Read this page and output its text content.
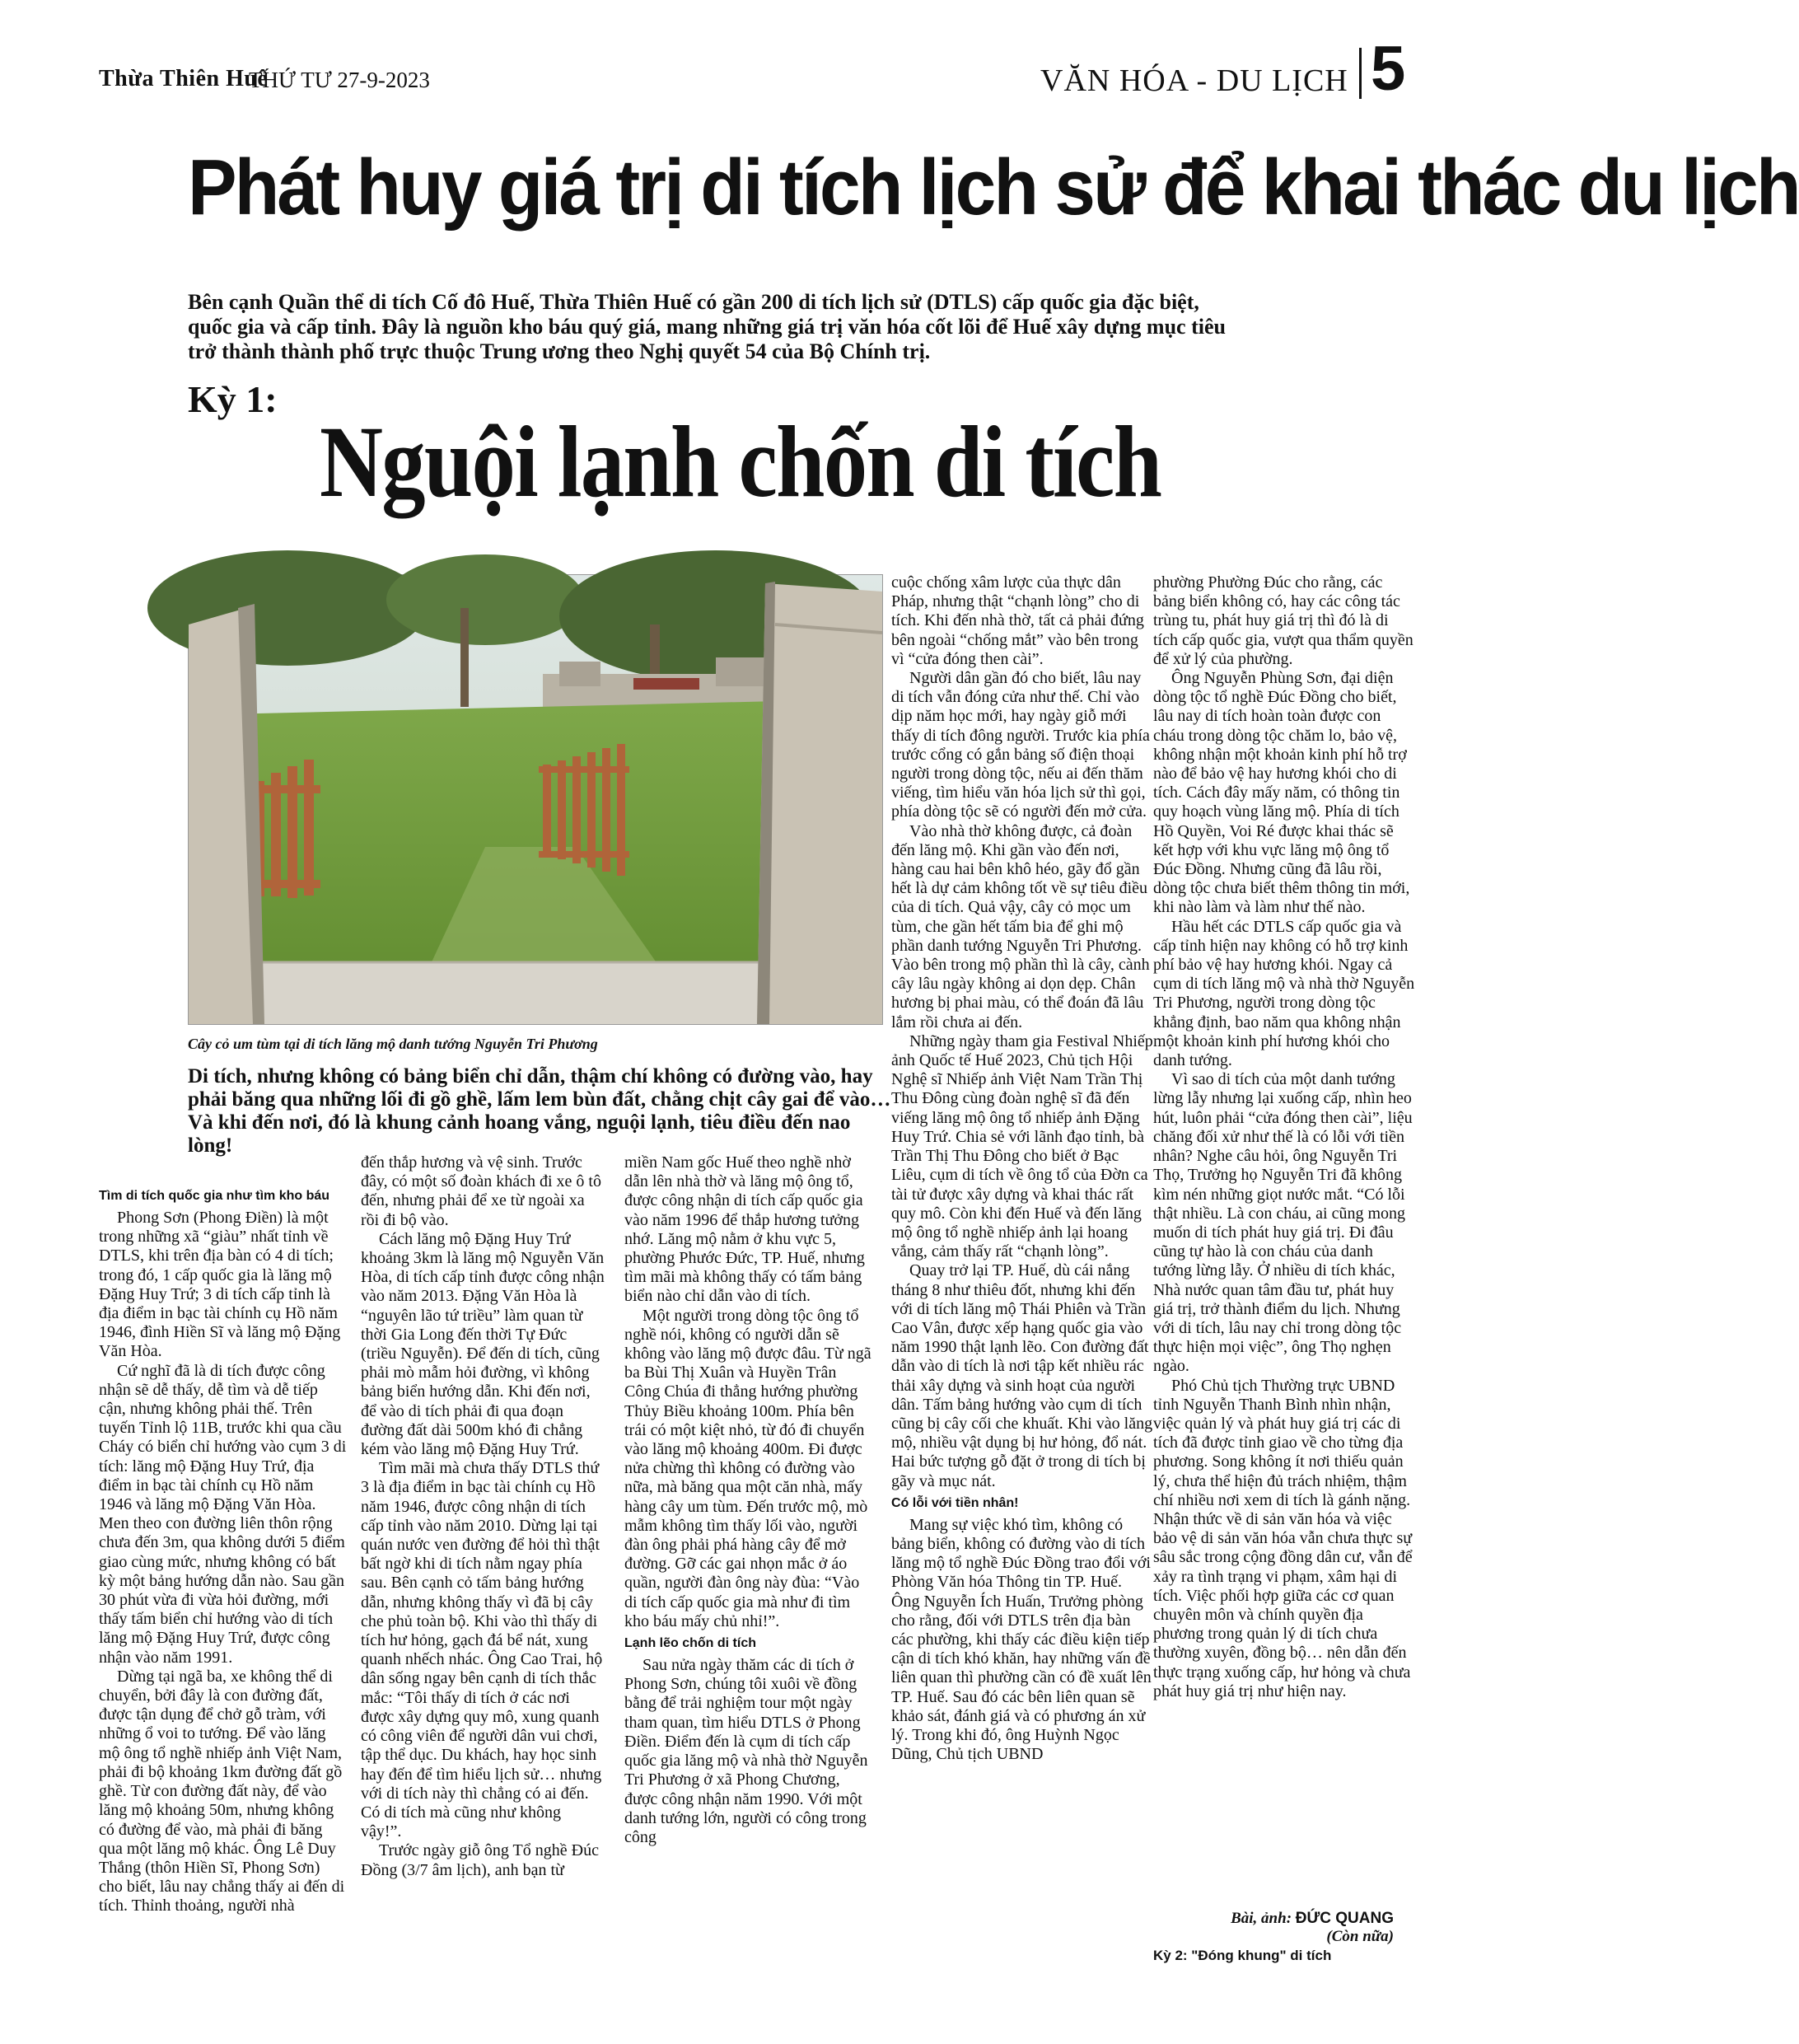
Thừa Thiên Huế
THỨ TƯ 27-9-2023	VĂN HÓA - DU LỊCH 5
Phát huy giá trị di tích lịch sử để khai thác du lịch
Bên cạnh Quần thể di tích Cố đô Huế, Thừa Thiên Huế có gần 200 di tích lịch sử (DTLS) cấp quốc gia đặc biệt, quốc gia và cấp tỉnh. Đây là nguồn kho báu quý giá, mang những giá trị văn hóa cốt lõi để Huế xây dựng mục tiêu trở thành thành phố trực thuộc Trung ương theo Nghị quyết 54 của Bộ Chính trị.
Kỳ 1:
Nguội lạnh chốn di tích
Cây cỏ um tùm tại di tích lăng mộ danh tướng Nguyễn Tri Phương
Di tích, nhưng không có bảng biển chỉ dẫn, thậm chí không có đường vào, hay phải băng qua những lối đi gồ ghề, lấm lem bùn đất, chằng chịt cây gai để vào… Và khi đến nơi, đó là khung cảnh hoang vắng, nguội lạnh, tiêu điều đến nao lòng!
Tìm di tích quốc gia như tìm kho báu

Phong Sơn (Phong Điền) là một trong những xã “giàu” nhất tỉnh về DTLS, khi trên địa bàn có 4 di tích; trong đó, 1 cấp quốc gia là lăng mộ Đặng Huy Trứ; 3 di tích cấp tỉnh là địa điểm in bạc tài chính cụ Hồ năm 1946, đình Hiền Sĩ và lăng mộ Đặng Văn Hòa.

Cứ nghĩ đã là di tích được công nhận sẽ dễ thấy, dễ tìm và dễ tiếp cận, nhưng không phải thế. Trên tuyến Tỉnh lộ 11B, trước khi qua cầu Cháy có biển chỉ hướng vào cụm 3 di tích: lăng mộ Đặng Huy Trứ, địa điểm in bạc tài chính cụ Hồ năm 1946 và lăng mộ Đặng Văn Hòa. Men theo con đường liên thôn rộng chưa đến 3m, qua không dưới 5 điểm giao cùng mức, nhưng không có bất kỳ một bảng hướng dẫn nào. Sau gần 30 phút vừa đi vừa hỏi đường, mới thấy tấm biển chỉ hướng vào di tích lăng mộ Đặng Huy Trứ, được công nhận vào năm 1991.

Dừng tại ngã ba, xe không thể di chuyển, bởi đây là con đường đất, được tận dụng để chở gỗ tràm, với những ổ voi to tướng. Để vào lăng mộ ông tổ nghề nhiếp ảnh Việt Nam, phải đi bộ khoảng 1km đường đất gồ ghề. Từ con đường đất này, để vào lăng mộ khoảng 50m, nhưng không có đường để vào, mà phải đi băng qua một lăng mộ khác. Ông Lê Duy Thắng (thôn Hiền Sĩ, Phong Sơn) cho biết, lâu nay chẳng thấy ai đến di tích. Thỉnh thoảng, người nhà

đến thắp hương và vệ sinh. Trước đây, có một số đoàn khách đi xe ô tô đến, nhưng phải để xe từ ngoài xa rồi đi bộ vào.

Cách lăng mộ Đặng Huy Trứ khoảng 3km là lăng mộ Nguyễn Văn Hòa, di tích cấp tỉnh được công nhận vào năm 2013. Đặng Văn Hòa là “nguyên lão tứ triều” làm quan từ thời Gia Long đến thời Tự Đức (triều Nguyễn). Để đến di tích, cũng phải mò mẫm hỏi đường, vì không bảng biển hướng dẫn. Khi đến nơi, để vào di tích phải đi qua đoạn đường đất dài 500m khó đi chẳng kém vào lăng mộ Đặng Huy Trứ.

Tìm mãi mà chưa thấy DTLS thứ 3 là địa điểm in bạc tài chính cụ Hồ năm 1946, được công nhận di tích cấp tỉnh vào năm 2010. Dừng lại tại quán nước ven đường để hỏi thì thật bất ngờ khi di tích nằm ngay phía sau. Bên cạnh cỏ tấm bảng hướng dẫn, nhưng không thấy vì đã bị cây che phủ toàn bộ. Khi vào thì thấy di tích hư hỏng, gạch đá bể nát, xung quanh nhếch nhác. Ông Cao Trai, hộ dân sống ngay bên cạnh di tích thắc mắc: “Tôi thấy di tích ở các nơi được xây dựng quy mô, xung quanh có công viên để người dân vui chơi, tập thể dục. Du khách, hay học sinh hay đến để tìm hiểu lịch sử… nhưng với di tích này thì chẳng có ai đến. Có di tích mà cũng như không vậy!”.

Trước ngày giỗ ông Tổ nghề Đúc Đồng (3/7 âm lịch), anh bạn từ

miền Nam gốc Huế theo nghề nhờ dẫn lên nhà thờ và lăng mộ ông tổ, được công nhận di tích cấp quốc gia vào năm 1996 để thắp hương tưởng nhớ. Lăng mộ nằm ở khu vực 5, phường Phước Đức, TP. Huế, nhưng tìm mãi mà không thấy có tấm bảng biển nào chỉ dẫn vào di tích.

Một người trong dòng tộc ông tổ nghề nói, không có người dẫn sẽ không vào lăng mộ được đâu. Từ ngã ba Bùi Thị Xuân và Huyền Trân Công Chúa đi thẳng hướng phường Thủy Biều khoảng 100m. Phía bên trái có một kiệt nhỏ, từ đó đi chuyển vào lăng mộ khoảng 400m. Đi được nửa chừng thì không có đường vào nữa, mà băng qua một căn nhà, mấy hàng cây um tùm. Đến trước mộ, mò mẫm không tìm thấy lối vào, người đàn ông phải phá hàng cây để mở đường. Gỡ các gai nhọn mắc ở áo quần, người đàn ông này đùa: “Vào di tích cấp quốc gia mà như đi tìm kho báu mấy chủ nhỉ!”.

Lạnh lẽo chốn di tích

Sau nửa ngày thăm các di tích ở Phong Sơn, chúng tôi xuôi về đồng bằng để trải nghiệm tour một ngày tham quan, tìm hiểu DTLS ở Phong Điền. Điểm đến là cụm di tích cấp quốc gia lăng mộ và nhà thờ Nguyễn Tri Phương ở xã Phong Chương, được công nhận năm 1990. Với một danh tướng lớn, người có công trong công

cuộc chống xâm lược của thực dân Pháp, nhưng thật “chạnh lòng” cho di tích. Khi đến nhà thờ, tất cả phải đứng bên ngoài “chống mắt” vào bên trong vì “cửa đóng then cài”.

Người dân gần đó cho biết, lâu nay di tích vẫn đóng cửa như thế. Chỉ vào dịp năm học mới, hay ngày giỗ mới thấy di tích đông người. Trước kia phía trước cổng có gắn bảng số điện thoại người trong dòng tộc, nếu ai đến thăm viếng, tìm hiểu văn hóa lịch sử thì gọi, phía dòng tộc sẽ có người đến mở cửa.

Vào nhà thờ không được, cả đoàn đến lăng mộ. Khi gần vào đến nơi, hàng cau hai bên khô héo, gãy đổ gần hết là dự cảm không tốt về sự tiêu điều của di tích. Quả vậy, cây cỏ mọc um tùm, che gần hết tấm bia để ghi mộ phần danh tướng Nguyễn Tri Phương. Vào bên trong mộ phần thì là cây, cành cây lâu ngày không ai dọn dẹp. Chân hương bị phai màu, có thể đoán đã lâu lắm rồi chưa ai đến.

Những ngày tham gia Festival Nhiếp ảnh Quốc tế Huế 2023, Chủ tịch Hội Nghệ sĩ Nhiếp ảnh Việt Nam Trần Thị Thu Đông cùng đoàn nghệ sĩ đã đến viếng lăng mộ ông tổ nhiếp ảnh Đặng Huy Trứ. Chia sẻ với lãnh đạo tỉnh, bà Trần Thị Thu Đông cho biết ở Bạc Liêu, cụm di tích về ông tổ của Đờn ca tài tử được xây dựng và khai thác rất quy mô. Còn khi đến Huế và đến lăng mộ ông tổ nghề nhiếp ảnh lại hoang vắng, cảm thấy rất “chạnh lòng”.

Quay trở lại TP. Huế, dù cái nắng tháng 8 như thiêu đốt, nhưng khi đến với di tích lăng mộ Thái Phiên và Trần Cao Vân, được xếp hạng quốc gia vào năm 1990 thật lạnh lẽo. Con đường đất dẫn vào di tích là nơi tập kết nhiều rác thải xây dựng và sinh hoạt của người dân. Tấm bảng hướng vào cụm di tích cũng bị cây cối che khuất. Khi vào lăng mộ, nhiều vật dụng bị hư hỏng, đổ nát. Hai bức tượng gỗ đặt ở trong di tích bị gãy và mục nát.

Có lỗi với tiền nhân!

Mang sự việc khó tìm, không có bảng biển, không có đường vào di tích lăng mộ tổ nghề Đúc Đồng trao đổi với Phòng Văn hóa Thông tin TP. Huế. Ông Nguyễn Ích Huấn, Trưởng phòng cho rằng, đối với DTLS trên địa bàn các phường, khi thấy các điều kiện tiếp cận di tích khó khăn, hay những vấn đề liên quan thì phường cần có đề xuất lên TP. Huế. Sau đó các bên liên quan sẽ khảo sát, đánh giá và có phương án xử lý. Trong khi đó, ông Huỳnh Ngọc Dũng, Chủ tịch UBND

phường Phường Đúc cho rằng, các bảng biển không có, hay các công tác trùng tu, phát huy giá trị thì đó là di tích cấp quốc gia, vượt qua thẩm quyền để xử lý của phường.

Ông Nguyễn Phùng Sơn, đại diện dòng tộc tổ nghề Đúc Đồng cho biết, lâu nay di tích hoàn toàn được con cháu trong dòng tộc chăm lo, bảo vệ, không nhận một khoản kinh phí hỗ trợ nào để bảo vệ hay hương khói cho di tích. Cách đây mấy năm, có thông tin quy hoạch vùng lăng mộ. Phía di tích Hồ Quyền, Voi Ré được khai thác sẽ kết hợp với khu vực lăng mộ ông tổ Đúc Đồng. Nhưng cũng đã lâu rồi, dòng tộc chưa biết thêm thông tin mới, khi nào làm và làm như thế nào.

Hầu hết các DTLS cấp quốc gia và cấp tỉnh hiện nay không có hỗ trợ kinh phí bảo vệ hay hương khói. Ngay cả cụm di tích lăng mộ và nhà thờ Nguyễn Tri Phương, người trong dòng tộc khẳng định, bao năm qua không nhận một khoản kinh phí hương khói cho danh tướng.

Vì sao di tích của một danh tướng lừng lẫy nhưng lại xuống cấp, nhìn heo hút, luôn phải “cửa đóng then cài”, liệu chăng đối xử như thế là có lỗi với tiền nhân? Nghe câu hỏi, ông Nguyễn Tri Thọ, Trưởng họ Nguyễn Tri đã không kìm nén những giọt nước mắt. “Có lỗi thật nhiều. Là con cháu, ai cũng mong muốn di tích phát huy giá trị. Đi đâu cũng tự hào là con cháu của danh tướng lừng lẫy. Ở nhiều di tích khác, Nhà nước quan tâm đầu tư, phát huy giá trị, trở thành điểm du lịch. Nhưng với di tích, lâu nay chỉ trong dòng tộc thực hiện mọi việc”, ông Thọ nghẹn ngào.

Phó Chủ tịch Thường trực UBND tỉnh Nguyễn Thanh Bình nhìn nhận, việc quản lý và phát huy giá trị các di tích đã được tỉnh giao về cho từng địa phương. Song không ít nơi thiếu quản lý, chưa thể hiện đủ trách nhiệm, thậm chí nhiều nơi xem di tích là gánh nặng. Nhận thức về di sản văn hóa và việc bảo vệ di sản văn hóa vẫn chưa thực sự sâu sắc trong cộng đồng dân cư, vẫn để xảy ra tình trạng vi phạm, xâm hại di tích. Việc phối hợp giữa các cơ quan chuyên môn và chính quyền địa phương trong quản lý di tích chưa thường xuyên, đồng bộ… nên dẫn đến thực trạng xuống cấp, hư hỏng và chưa phát huy giá trị như hiện nay.

Bài, ảnh: ĐỨC QUANG
(Còn nữa)
Kỳ 2: "Đóng khung" di tích
